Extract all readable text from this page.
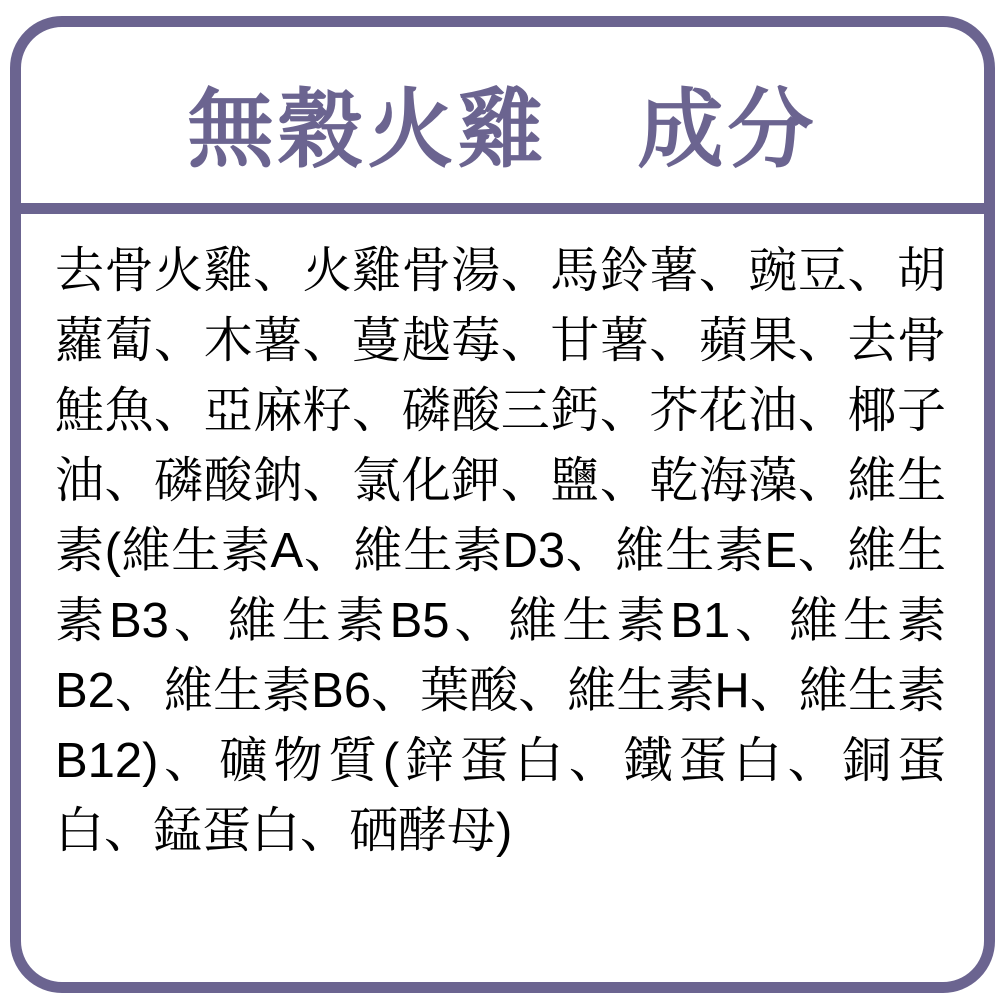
無穀火雞　成分
去骨火雞、火雞骨湯、馬鈴薯、豌豆、胡
蘿蔔、木薯、蔓越莓、甘薯、蘋果、去骨
鮭魚、亞麻籽、磷酸三鈣、芥花油、椰子
油、磷酸鈉、氯化鉀、鹽、乾海藻、維生
素(維生素A、維生素D3、維生素E、維生
素B3、維生素B5、維生素B1、維生素
B2、維生素B6、葉酸、維生素H、維生素
B12)、礦物質(鋅蛋白、鐵蛋白、銅蛋
白、錳蛋白、硒酵母)
